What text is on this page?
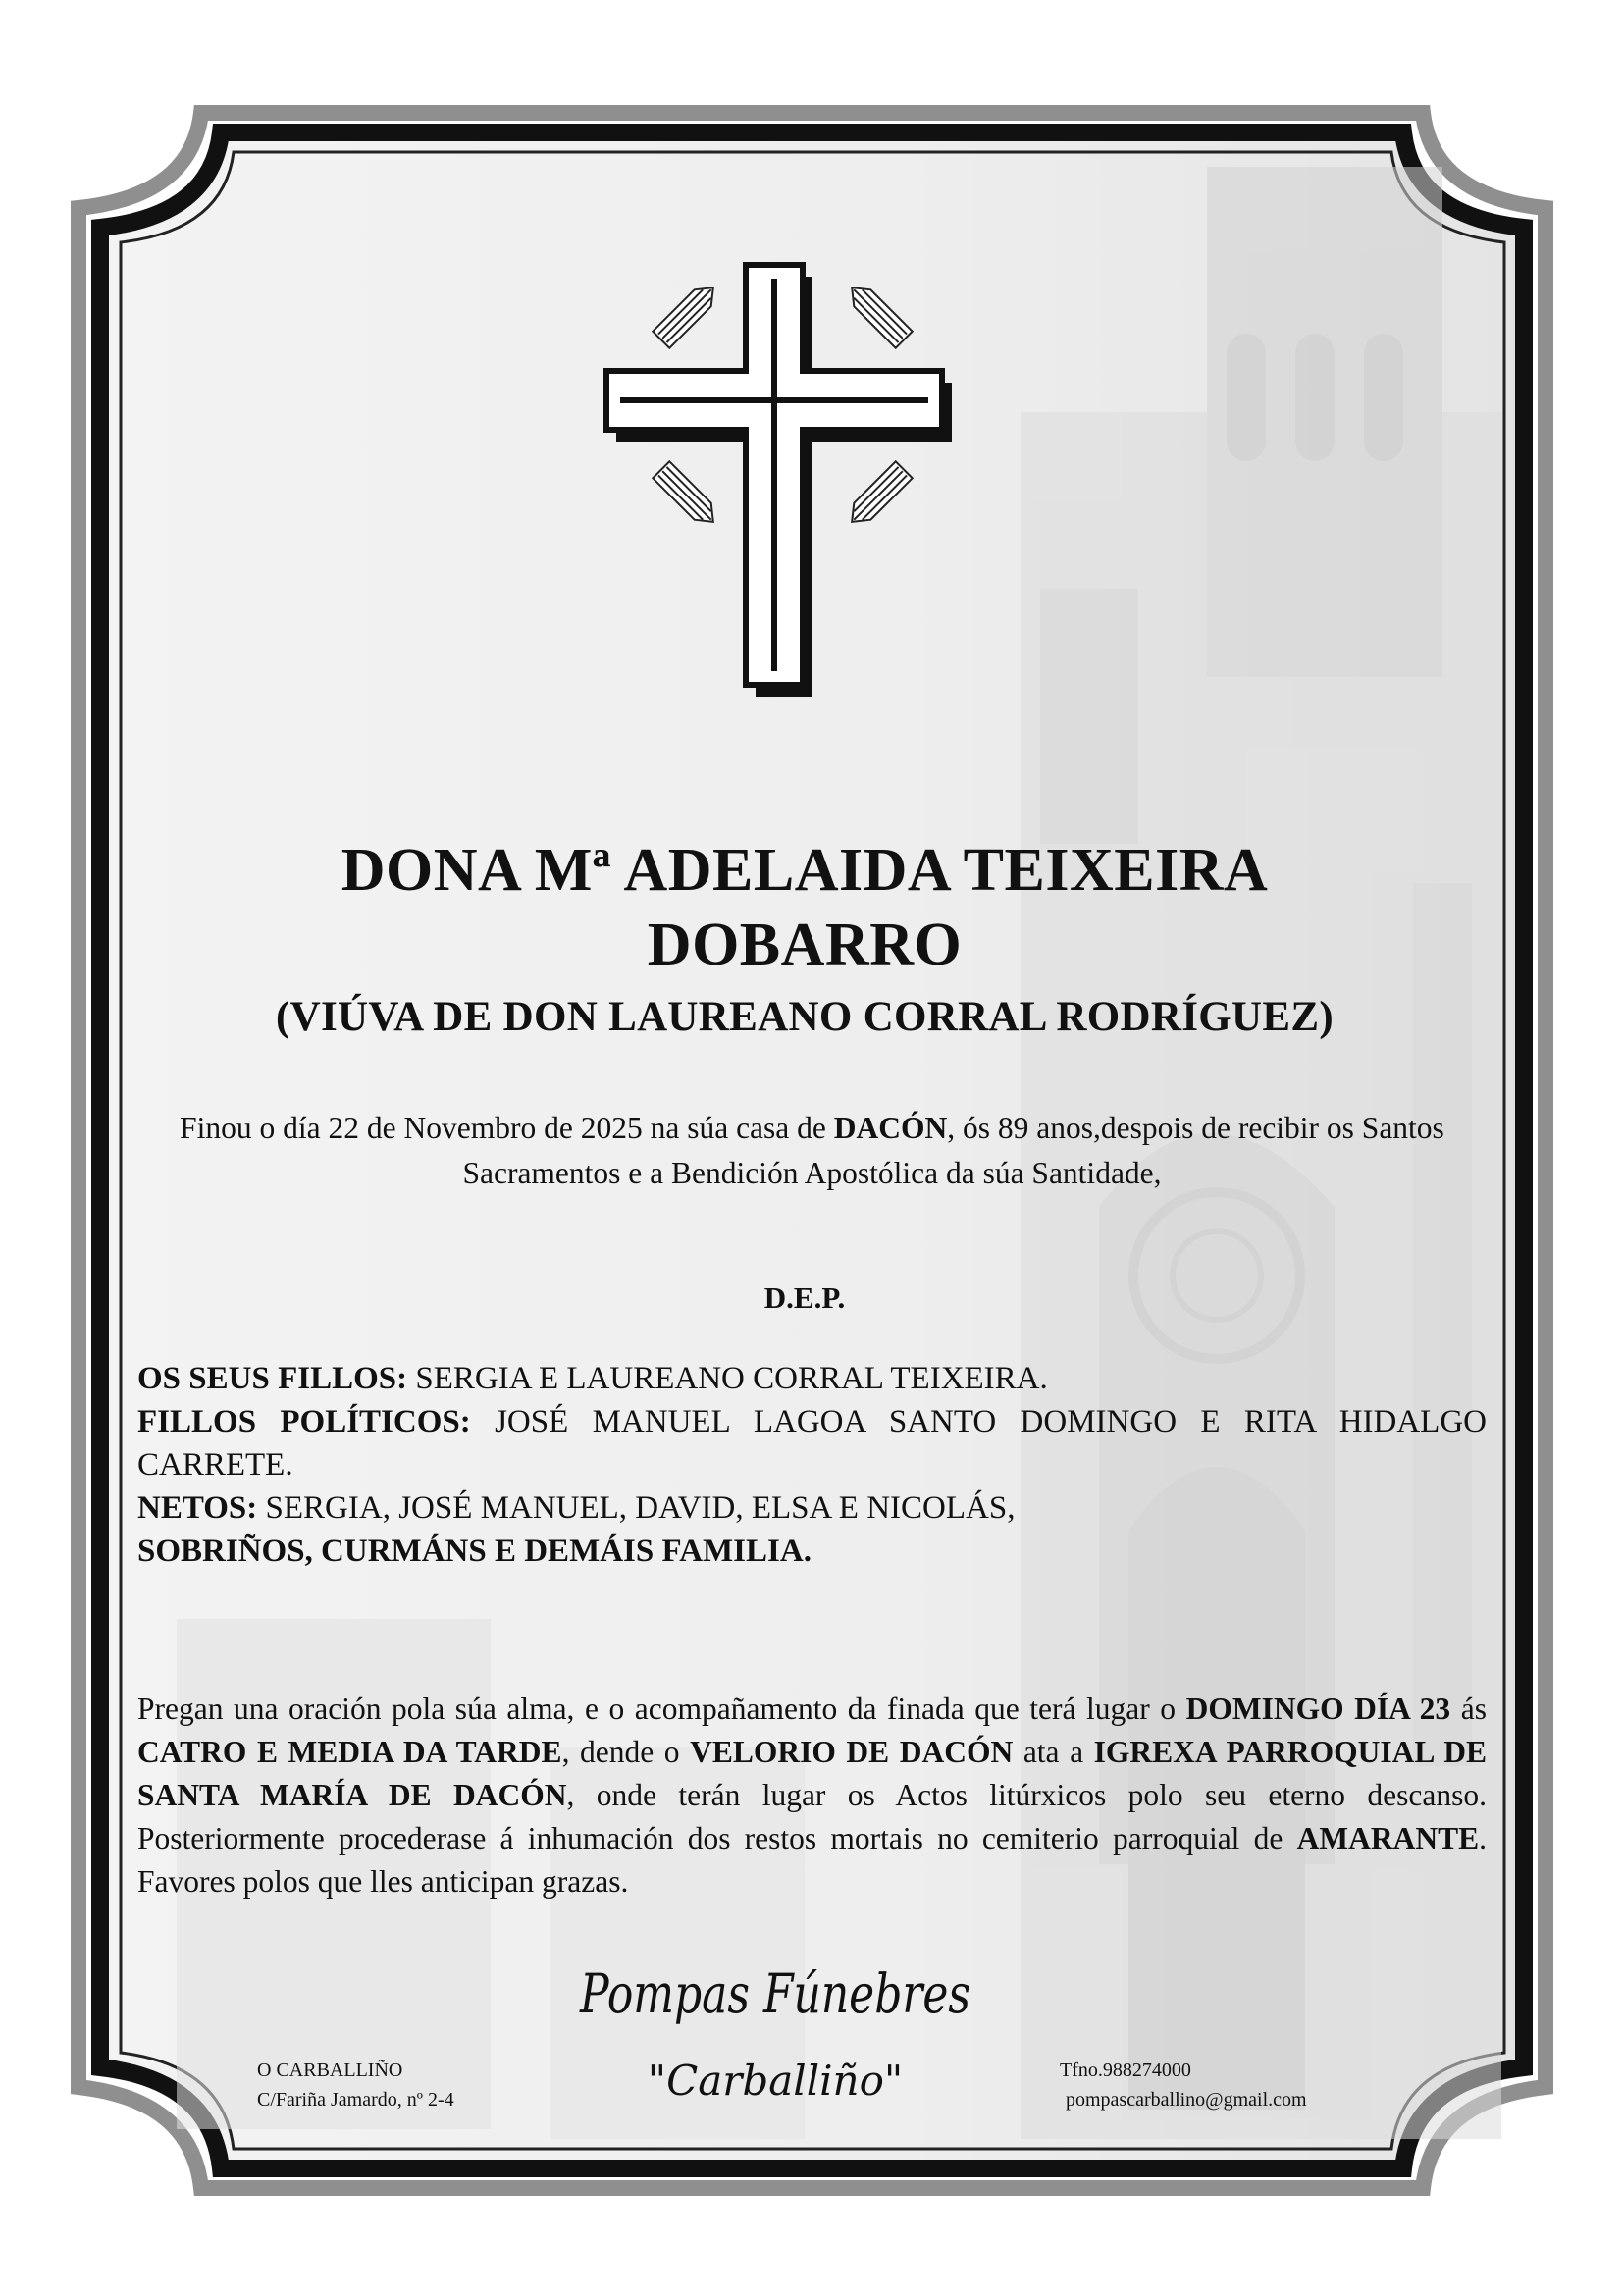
DONA Mª ADELAIDA TEIXEIRA
DOBARRO
(VIÚVA DE DON LAUREANO CORRAL RODRÍGUEZ)
Finou o día 22 de Novembro de 2025 na súa casa de DACÓN, ós 89 anos,despois de recibir os Santos Sacramentos e a Bendición Apostólica da súa Santidade,
D.E.P.

OS SEUS FILLOS: SERGIA E LAUREANO CORRAL TEIXEIRA.

FILLOS POLÍTICOS: JOSÉ MANUEL LAGOA SANTO DOMINGO E RITA HIDALGO CARRETE.

NETOS: SERGIA, JOSÉ MANUEL, DAVID, ELSA E NICOLÁS,

SOBRIÑOS, CURMÁNS E DEMÁIS FAMILIA.

Pregan una oración pola súa alma, e o acompañamento da finada que terá lugar o DOMINGO DÍA 23 ás CATRO E MEDIA DA TARDE, dende o VELORIO DE DACÓN ata a IGREXA PARROQUIAL DE SANTA MARÍA DE DACÓN, onde terán lugar os Actos litúrxicos polo seu eterno descanso. Posteriormente procederase á inhumación dos restos mortais no cemiterio parroquial de AMARANTE. Favores polos que lles anticipan grazas.
Pompas Fúnebres
"Carballiño"
O CARBALLIÑO
C/Fariña Jamardo, nº 2-4
Tfno.988274000
pompascarballino@gmail.com
